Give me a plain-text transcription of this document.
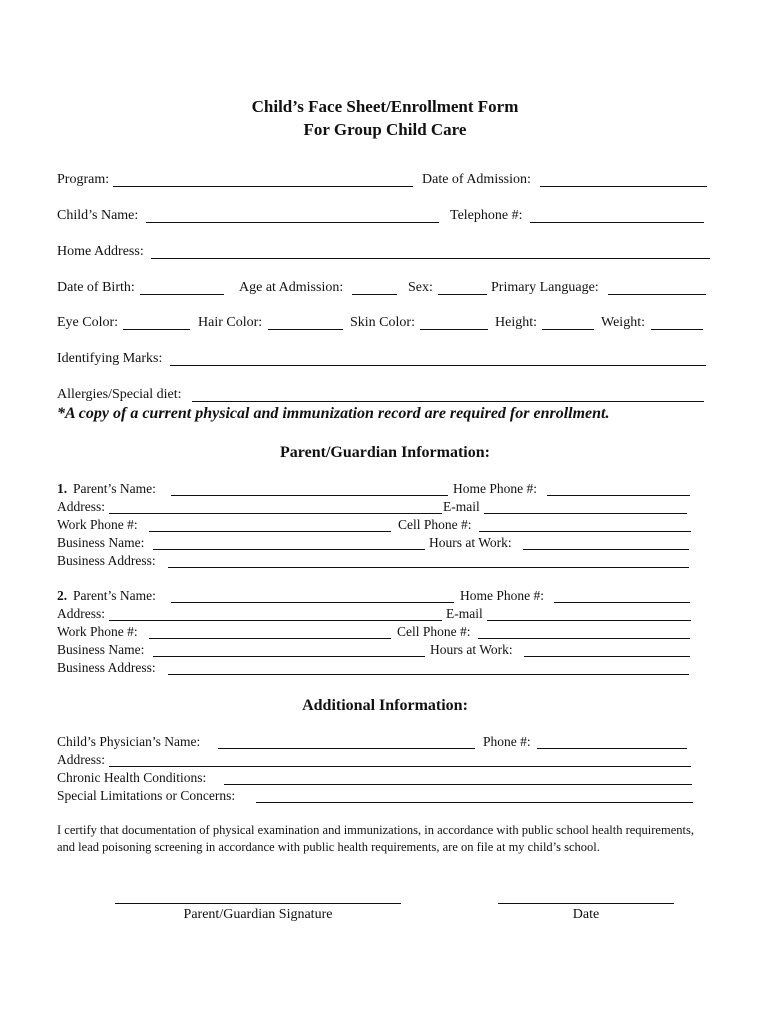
Child’s Face Sheet/Enrollment Form
For Group Child Care
Program:	Date of Admission:
Child’s Name:	Telephone #:
Home Address:
Date of Birth:	Age at Admission:	Sex:	Primary Language:
Eye Color:	Hair Color:	Skin Color:	Height:	Weight:
Identifying Marks:
Allergies/Special diet:
*A copy of a current physical and immunization record are required for enrollment.
Parent/Guardian Information:
1. Parent’s Name:	Home Phone #:
Address:	E-mail
Work Phone #:	Cell Phone #:
Business Name:	Hours at Work:
Business Address:
2. Parent’s Name:	Home Phone #:
Address:	E-mail
Work Phone #:	Cell Phone #:
Business Name:	Hours at Work:
Business Address:
Additional Information:
Child’s Physician’s Name:	Phone #:
Address:
Chronic Health Conditions:
Special Limitations or Concerns:
I certify that documentation of physical examination and immunizations, in accordance with public school health requirements, and lead poisoning screening in accordance with public health requirements, are on file at my child’s school.
Parent/Guardian Signature	Date
